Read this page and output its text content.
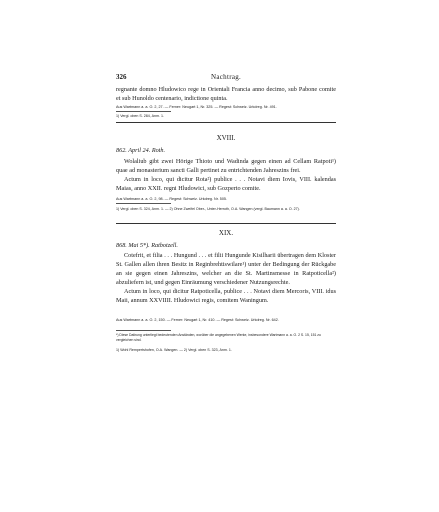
326	Nachtrag.

regnante domno Hludowico rege in Orientali Francia anno decimo, sub Pabone comite et sub Hunoldo centenario, indictione quinta.

Aus Wartmann a. a. O. 2, 27. — Ferner: Neugart 1, Nr. 325. — Regest: Schweiz. Urkdreg. Nr. 491.

1) Vergl. oben S. 284, Anm. 1.

XVIII.

862. April 24. Roth.

Wolaliub gibt zwei Hörige Thioto und Wadinda gegen einen ad Cellam Ratpoti¹) quae ad monasterium sancti Galli pertinet zu entrichtenden Jahreszins frei.

Actum in loco, qui dicitur Rota²) publice . . . Notavi diem Iovis, VIII. kalendas Maias, anno XXII. regni Hludowici, sub Gozperto comite.

Aus Wartmann a. a. O. 2, 98. — Regest: Schweiz. Urkdreg. Nr. 505.

1) Vergl. oben S. 324, Anm. 1. — 2) Ohne Zweifel Ober-, Unter-Herroth, O.A. Wangen (vergl. Baumann a. a. O. 27).

XIX.

868. Mai 5*). Ratbotzell.

Cotefrit, et filia . . . Hungund . . . et filii Hungunde Kisilharii übertragen dem Kloster St. Gallen allen ihren Besitz in Reginbrehtiswilare¹) unter der Bedingung der Rückgabe an sie gegen einen Jahreszins, welcher an die St. Martinsmesse in Ratpoticella²) abzuliefern ist, und gegen Einräumung verschiedener Nutzungsrechte.

Actum in loco, qui dicitur Ratpoticella, publice . . . Notavi diem Mercoris, VIII. idus Maii, annum XXVIIII. Hludowici regis, comitem Waningum.

Aus Wartmann a. a. O. 2, 150. — Ferner: Neugart 1, Nr. 410. — Regest: Schweiz. Urkdreg. Nr. 642.

*) Diese Datirung unterliegt bedeutenden Anständen, worüber die angegebenen Werke, insbesondere Wartmann a. a. O. 2 S. 15, 151 zu vergleichen sind.

1) Wohl Rempertshofen, O.A. Wangen. — 2) Vergl. oben S. 323, Anm. 1.
